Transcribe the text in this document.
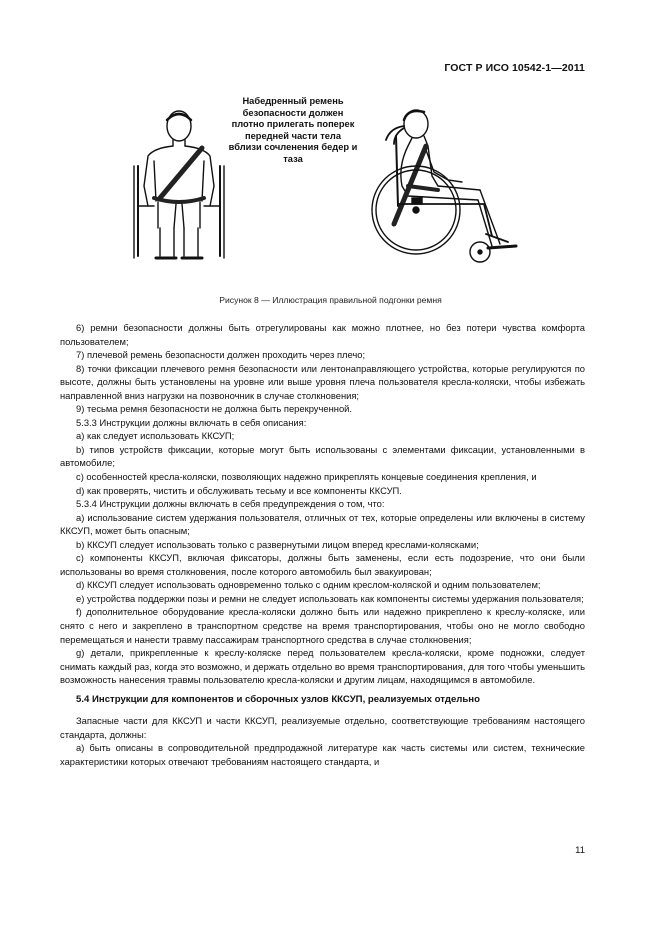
ГОСТ Р ИСО 10542-1—2011
Набедренный ремень безопасности должен плотно прилегать поперек передней части тела вблизи сочленения бедер и таза
Рисунок 8 — Иллюстрация правильной подгонки ремня

6) ремни безопасности должны быть отрегулированы как можно плотнее, но без потери чувства комфорта пользователем;

7) плечевой ремень безопасности должен проходить через плечо;

8) точки фиксации плечевого ремня безопасности или лентонаправляющего устройства, которые регулируются по высоте, должны быть установлены на уровне или выше уровня плеча пользователя кресла-коляски, чтобы избежать направленной вниз нагрузки на позвоночник в случае столкновения;

9) тесьма ремня безопасности не должна быть перекрученной.

5.3.3 Инструкции должны включать в себя описания:

a) как следует использовать ККСУП;

b) типов устройств фиксации, которые могут быть использованы с элементами фиксации, установленными в автомобиле;

c) особенностей кресла-коляски, позволяющих надежно прикреплять концевые соединения крепления, и

d) как проверять, чистить и обслуживать тесьму и все компоненты ККСУП.

5.3.4 Инструкции должны включать в себя предупреждения о том, что:

a) использование систем удержания пользователя, отличных от тех, которые определены или включены в систему ККСУП, может быть опасным;

b) ККСУП следует использовать только с развернутыми лицом вперед креслами-колясками;

c) компоненты ККСУП, включая фиксаторы, должны быть заменены, если есть подозрение, что они были использованы во время столкновения, после которого автомобиль был эвакуирован;

d) ККСУП следует использовать одновременно только с одним креслом-коляской и одним пользователем;

e) устройства поддержки позы и ремни не следует использовать как компоненты системы удержания пользователя;

f) дополнительное оборудование кресла-коляски должно быть или надежно прикреплено к креслу-коляске, или снято с него и закреплено в транспортном средстве на время транспортирования, чтобы оно не могло свободно перемещаться и нанести травму пассажирам транспортного средства в случае столкновения;

g) детали, прикрепленные к креслу-коляске перед пользователем кресла-коляски, кроме подножки, следует снимать каждый раз, когда это возможно, и держать отдельно во время транспортирования, для того чтобы уменьшить возможность нанесения травмы пользователю кресла-коляски и другим лицам, находящимся в автомобиле.

5.4 Инструкции для компонентов и сборочных узлов ККСУП, реализуемых отдельно

Запасные части для ККСУП и части ККСУП, реализуемые отдельно, соответствующие требованиям настоящего стандарта, должны:

a) быть описаны в сопроводительной предпродажной литературе как часть системы или систем, технические характеристики которых отвечают требованиям настоящего стандарта, и

11
